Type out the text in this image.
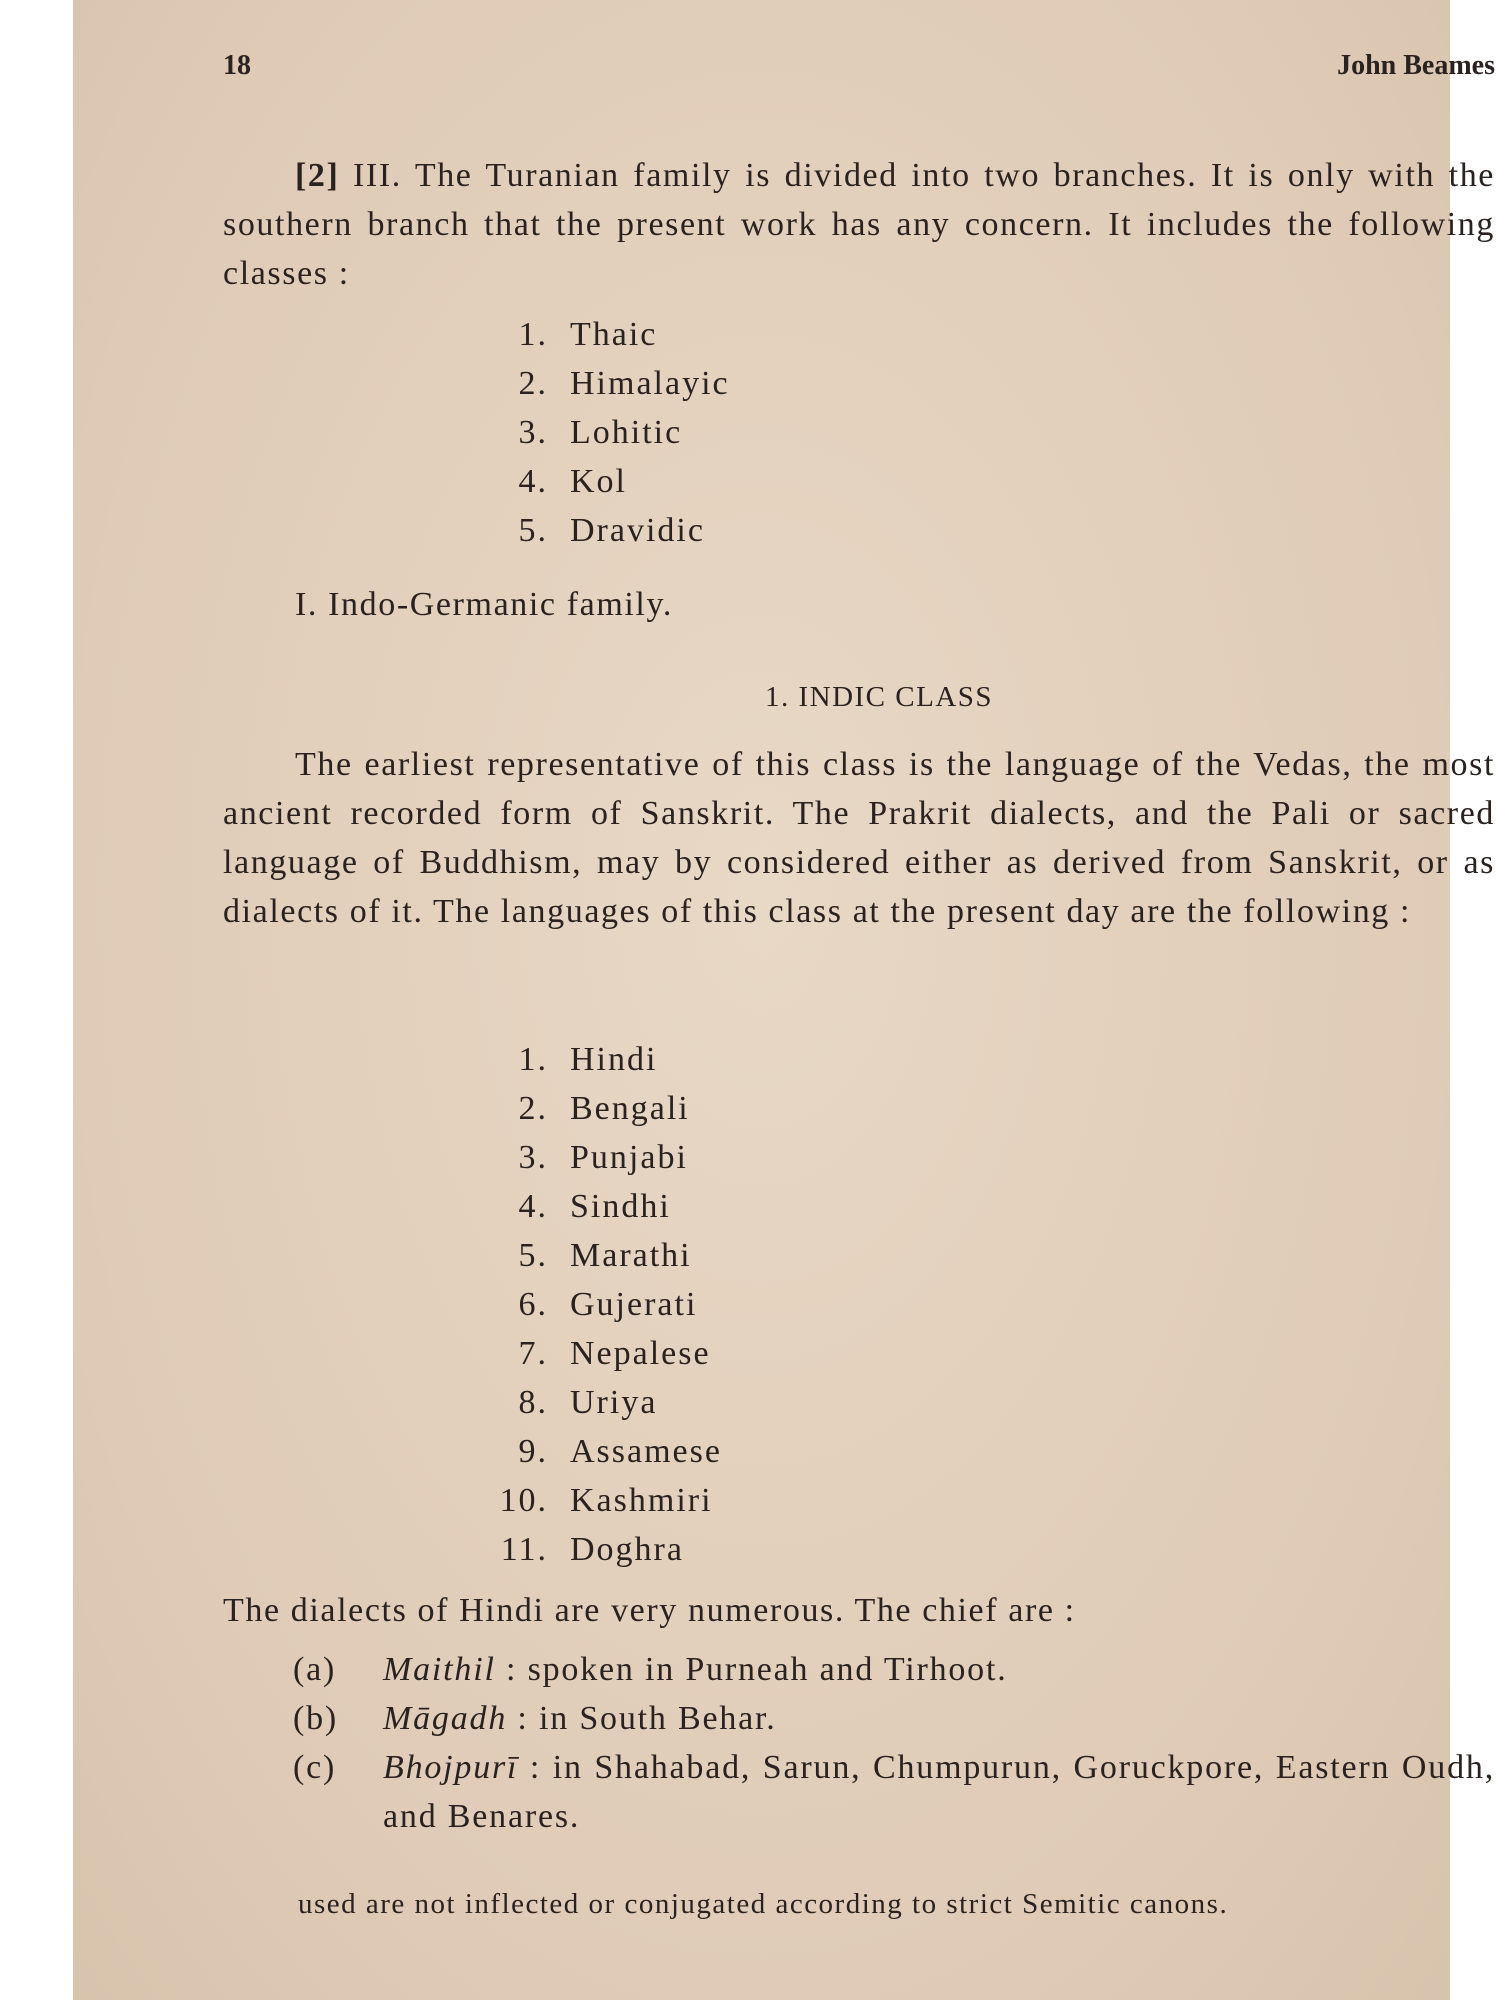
18	John Beames

[2] III. The Turanian family is divided into two branches. It is only with the southern branch that the present work has any concern. It includes the following classes :

1. Thaic
2. Himalayic
3. Lohitic
4. Kol
5. Dravidic
I. Indo-Germanic family.
1. INDIC CLASS

The earliest representative of this class is the language of the Vedas, the most ancient recorded form of Sanskrit. The Prakrit dialects, and the Pali or sacred language of Buddhism, may by considered either as derived from Sanskrit, or as dialects of it. The languages of this class at the present day are the following :

1. Hindi
2. Bengali
3. Punjabi
4. Sindhi
5. Marathi
6. Gujerati
7. Nepalese
8. Uriya
9. Assamese
10. Kashmiri
11. Doghra
The dialects of Hindi are very numerous. The chief are :
(a) Maithil : spoken in Purneah and Tirhoot.
(b) Māgadh : in South Behar.
(c) Bhojpurī : in Shahabad, Sarun, Chumpurun, Goruckpore, Eastern Oudh, and Benares.

used are not inflected or conjugated according to strict Semitic canons.
